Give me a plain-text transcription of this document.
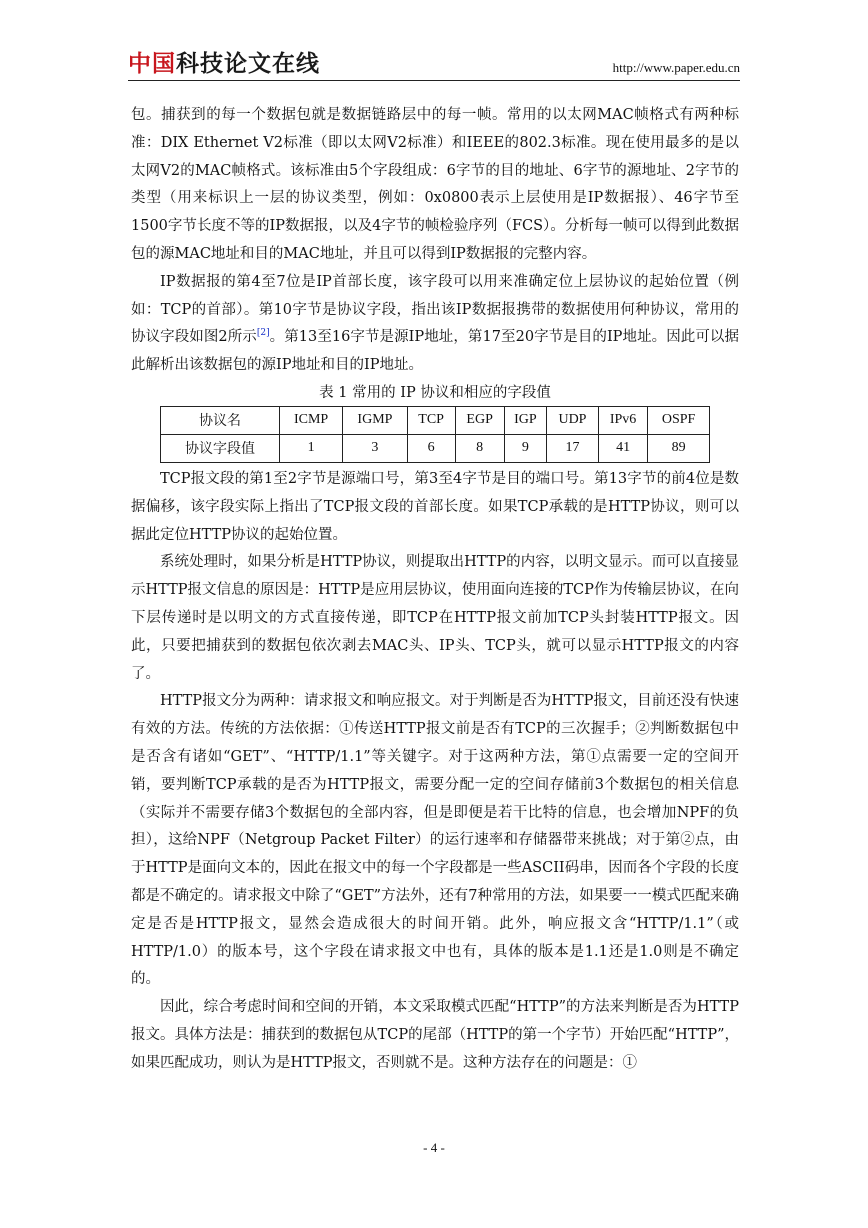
中国科技论文在线	http://www.paper.edu.cn

包。捕获到的每一个数据包就是数据链路层中的每一帧。常用的以太网MAC帧格式有两种标准：DIX Ethernet V2标准（即以太网V2标准）和IEEE的802.3标准。现在使用最多的是以太网V2的MAC帧格式。该标准由5个字段组成：6字节的目的地址、6字节的源地址、2字节的类型（用来标识上一层的协议类型，例如：0x0800表示上层使用是IP数据报）、46字节至1500字节长度不等的IP数据报，以及4字节的帧检验序列（FCS）。分析每一帧可以得到此数据包的源MAC地址和目的MAC地址，并且可以得到IP数据报的完整内容。

IP数据报的第4至7位是IP首部长度，该字段可以用来准确定位上层协议的起始位置（例如：TCP的首部）。第10字节是协议字段，指出该IP数据报携带的数据使用何种协议，常用的协议字段如图2所示[2]。第13至16字节是源IP地址，第17至20字节是目的IP地址。因此可以据此解析出该数据包的源IP地址和目的IP地址。

表 1 常用的 IP 协议和相应的字段值
协议名	ICMP	IGMP	TCP	EGP	IGP	UDP	IPv6	OSPF
协议字段值	1	3	6	8	9	17	41	89

TCP报文段的第1至2字节是源端口号，第3至4字节是目的端口号。第13字节的前4位是数据偏移，该字段实际上指出了TCP报文段的首部长度。如果TCP承载的是HTTP协议，则可以据此定位HTTP协议的起始位置。

系统处理时，如果分析是HTTP协议，则提取出HTTP的内容，以明文显示。而可以直接显示HTTP报文信息的原因是：HTTP是应用层协议，使用面向连接的TCP作为传输层协议，在向下层传递时是以明文的方式直接传递，即TCP在HTTP报文前加TCP头封装HTTP报文。因此，只要把捕获到的数据包依次剥去MAC头、IP头、TCP头，就可以显示HTTP报文的内容了。

HTTP报文分为两种：请求报文和响应报文。对于判断是否为HTTP报文，目前还没有快速有效的方法。传统的方法依据：①传送HTTP报文前是否有TCP的三次握手；②判断数据包中是否含有诸如“GET”、“HTTP/1.1”等关键字。对于这两种方法，第①点需要一定的空间开销，要判断TCP承载的是否为HTTP报文，需要分配一定的空间存储前3个数据包的相关信息（实际并不需要存储3个数据包的全部内容，但是即便是若干比特的信息，也会增加NPF的负担），这给NPF（Netgroup Packet Filter）的运行速率和存储器带来挑战；对于第②点，由于HTTP是面向文本的，因此在报文中的每一个字段都是一些ASCII码串，因而各个字段的长度都是不确定的。请求报文中除了“GET”方法外，还有7种常用的方法，如果要一一模式匹配来确定是否是HTTP报文，显然会造成很大的时间开销。此外，响应报文含“HTTP/1.1”（或HTTP/1.0）的版本号，这个字段在请求报文中也有，具体的版本是1.1还是1.0则是不确定的。

因此，综合考虑时间和空间的开销，本文采取模式匹配“HTTP”的方法来判断是否为HTTP报文。具体方法是：捕获到的数据包从TCP的尾部（HTTP的第一个字节）开始匹配“HTTP”，如果匹配成功，则认为是HTTP报文，否则就不是。这种方法存在的问题是：①

- 4 -
